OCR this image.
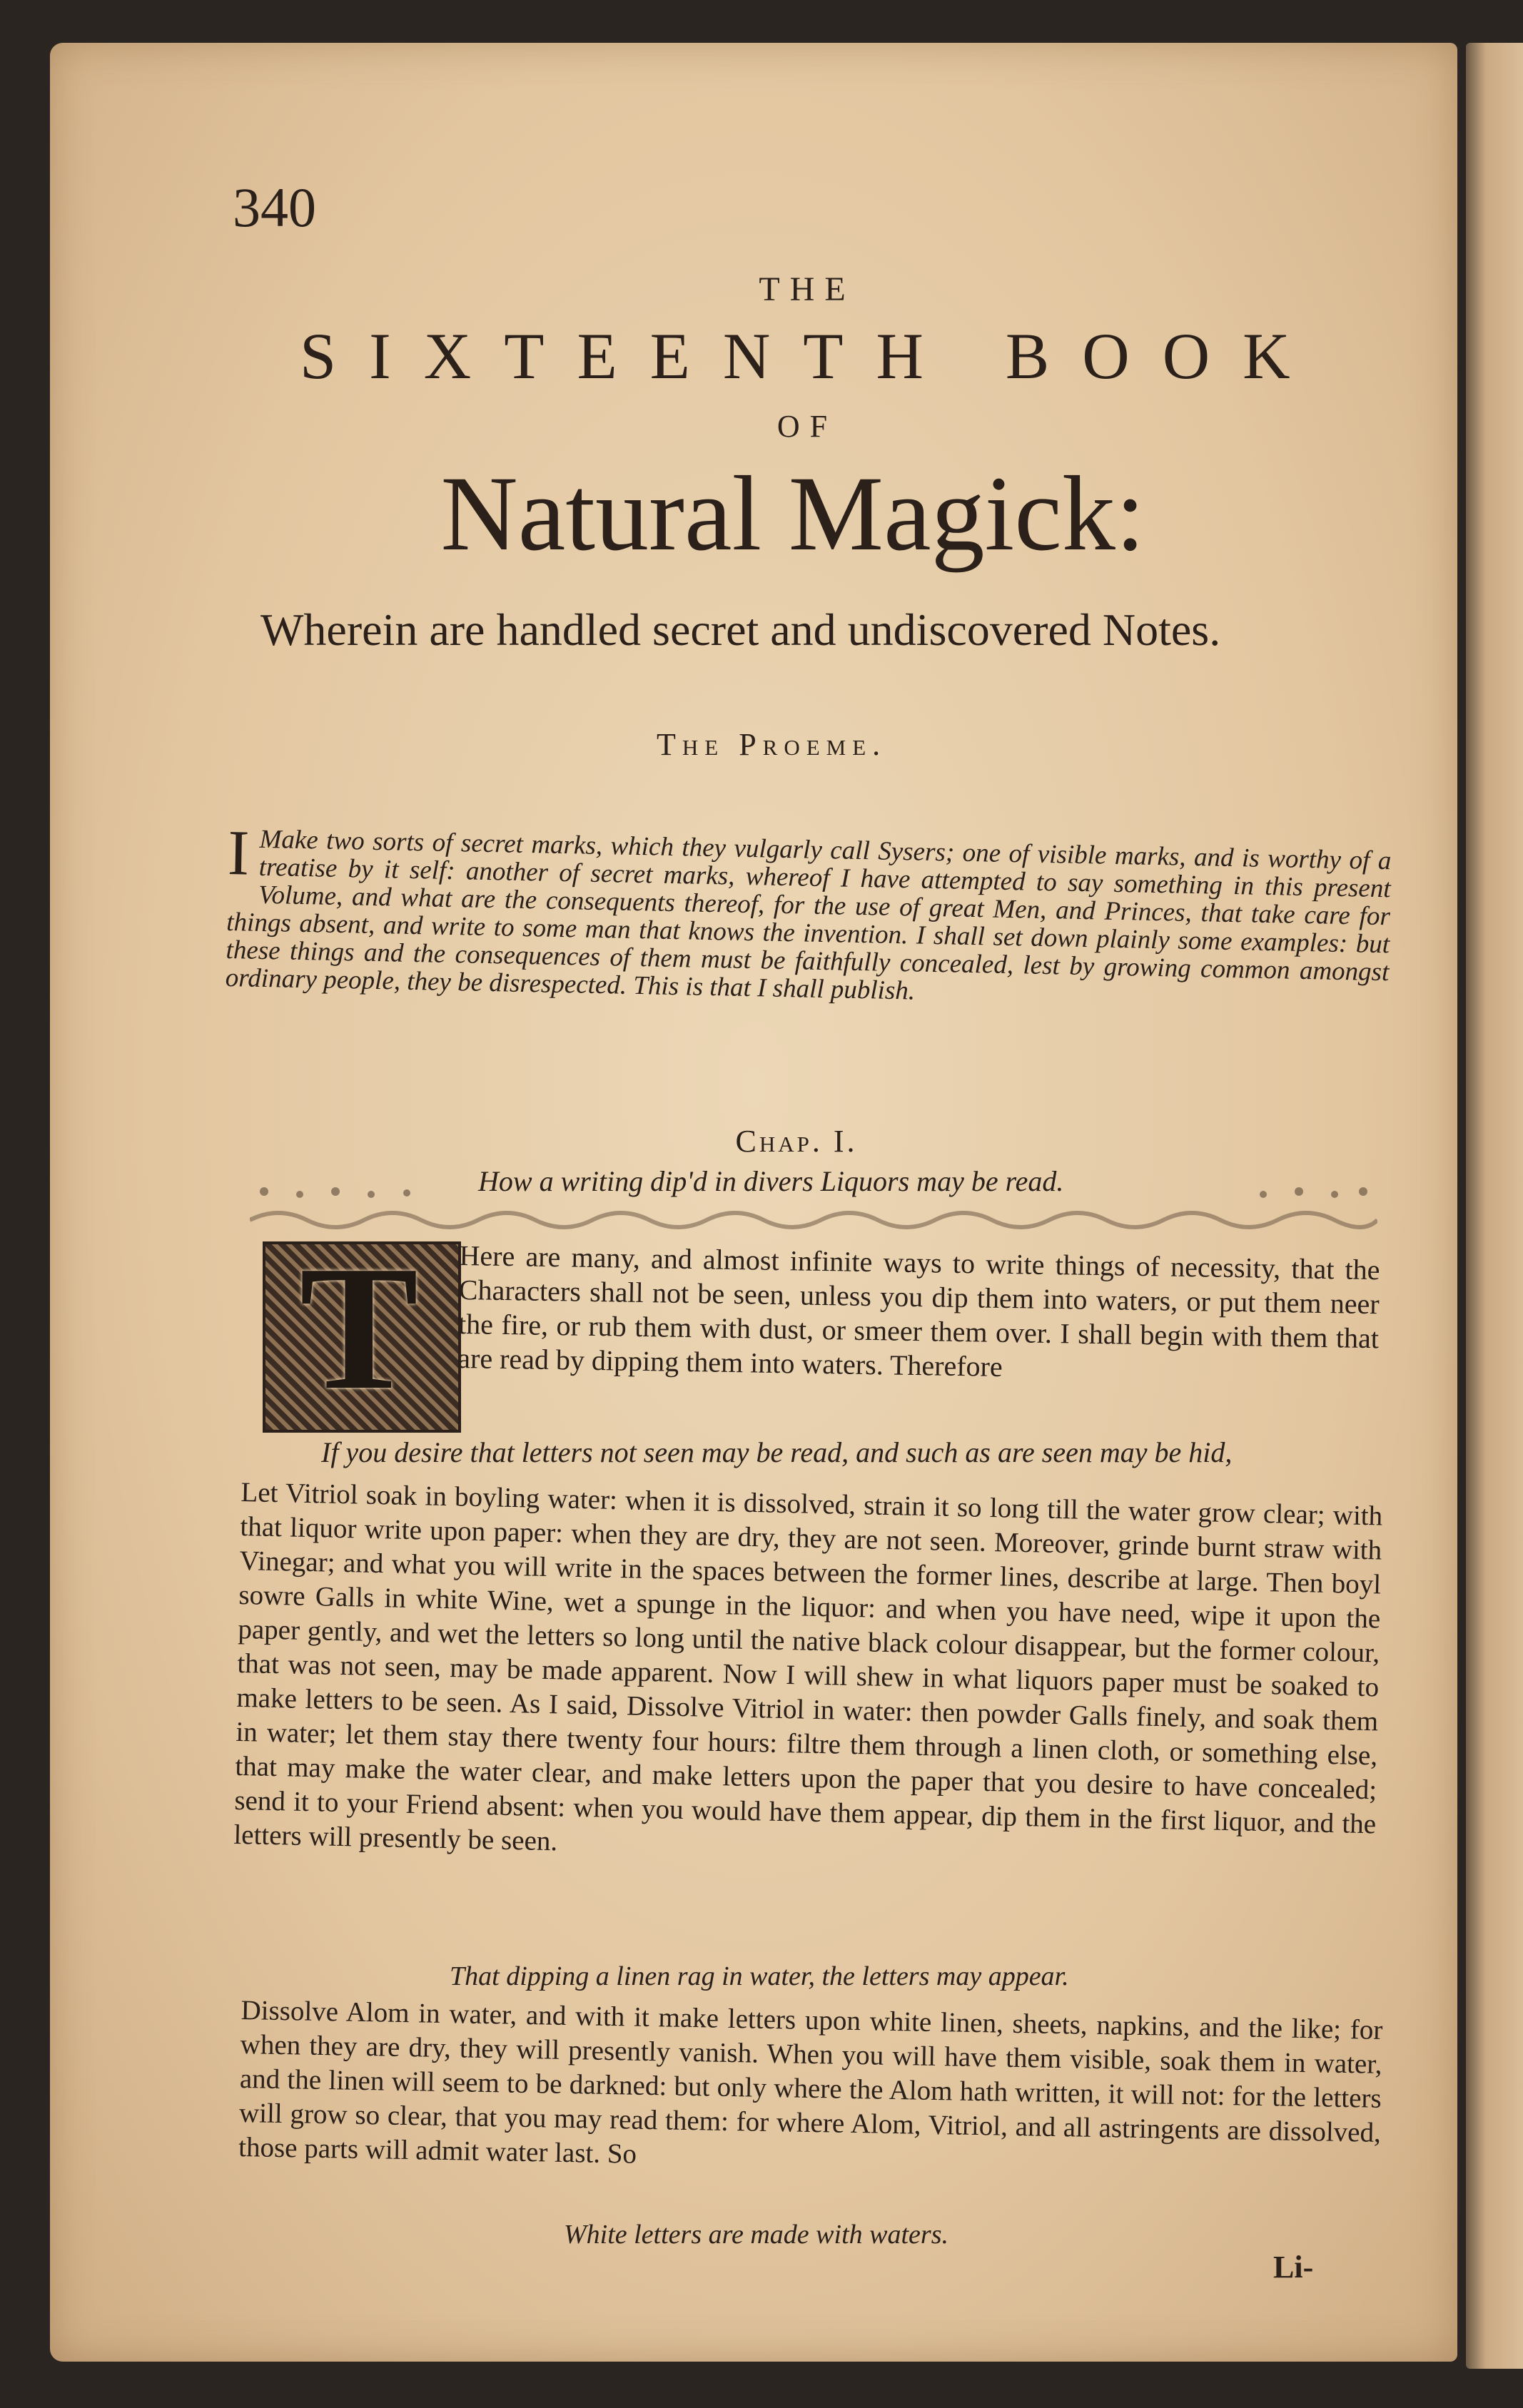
340
THE
SIXTEENTH BOOK
OF
Natural Magick:
Wherein are handled secret and undiscovered Notes.
The Proeme.
IMake two sorts of secret marks, which they vulgarly call Sysers; one of visible marks, and is worthy of a treatise by it self: another of secret marks, whereof I have attempted to say something in this present Volume, and what are the consequents thereof, for the use of great Men, and Princes, that take care for things absent, and write to some man that knows the invention. I shall set down plainly some examples: but these things and the consequences of them must be faithfully concealed, lest by growing common amongst ordinary people, they be disrespected. This is that I shall publish.
Chap. I.
How a writing dip'd in divers Liquors may be read.
T	Here are many, and almost infinite ways to write things of necessity, that the Characters shall not be seen, unless you dip them into waters, or put them neer the fire, or rub them with dust, or smeer them over. I shall begin with them that are read by dipping them into waters. Therefore
If you desire that letters not seen may be read, and such as are seen may be hid,
Let Vitriol soak in boyling water: when it is dissolved, strain it so long till the water grow clear; with that liquor write upon paper: when they are dry, they are not seen. Moreover, grinde burnt straw with Vinegar; and what you will write in the spaces between the former lines, describe at large. Then boyl sowre Galls in white Wine, wet a spunge in the liquor: and when you have need, wipe it upon the paper gently, and wet the letters so long until the native black colour disappear, but the former colour, that was not seen, may be made apparent. Now I will shew in what liquors paper must be soaked to make letters to be seen. As I said, Dissolve Vitriol in water: then powder Galls finely, and soak them in water; let them stay there twenty four hours: filtre them through a linen cloth, or something else, that may make the water clear, and make letters upon the paper that you desire to have concealed; send it to your Friend absent: when you would have them appear, dip them in the first liquor, and the letters will presently be seen.
That dipping a linen rag in water, the letters may appear.
Dissolve Alom in water, and with it make letters upon white linen, sheets, napkins, and the like; for when they are dry, they will presently vanish. When you will have them visible, soak them in water, and the linen will seem to be darkned: but only where the Alom hath written, it will not: for the letters will grow so clear, that you may read them: for where Alom, Vitriol, and all astringents are dissolved, those parts will admit water last. So
White letters are made with waters.
Li-
